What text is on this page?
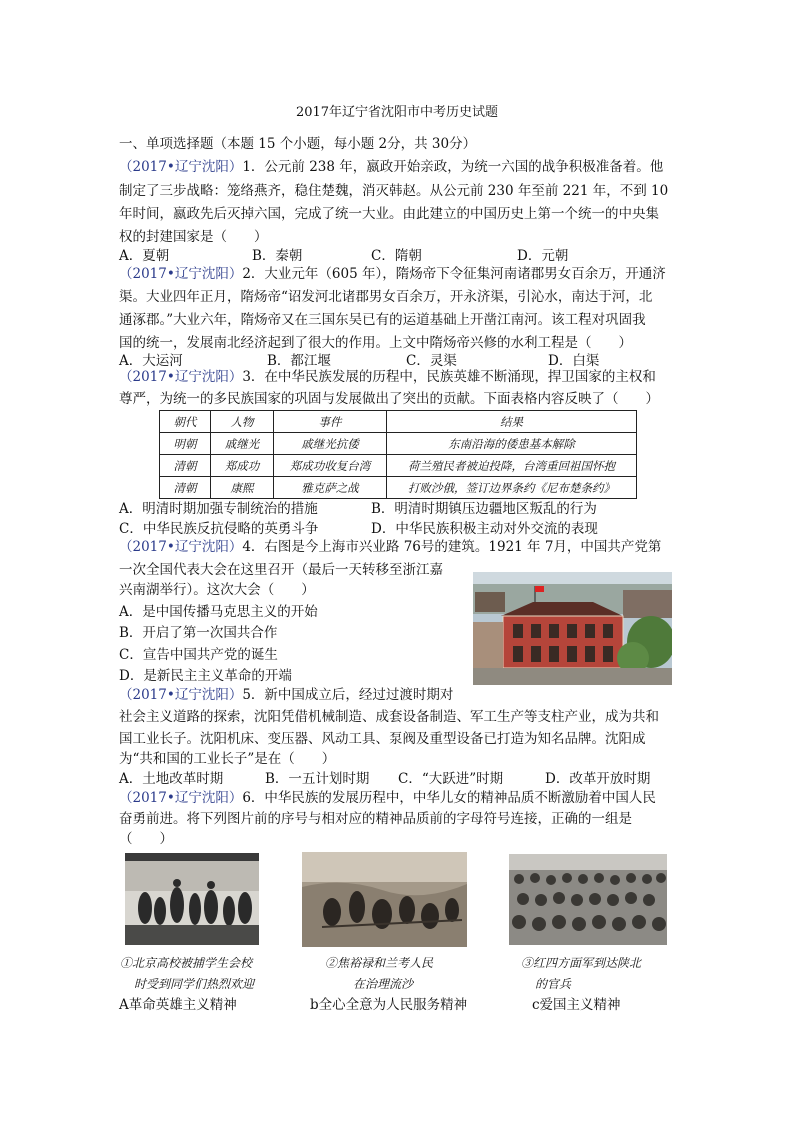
2017年辽宁省沈阳市中考历史试题
一、单项选择题（本题 15 个小题，每小题 2分，共 30分）
（2017•辽宁沈阳）1．公元前 238 年，嬴政开始亲政，为统一六国的战争积极准备着。他
制定了三步战略：笼络燕齐，稳住楚魏，消灭韩赵。从公元前 230 年至前 221 年，不到 10
年时间，嬴政先后灭掉六国，完成了统一大业。由此建立的中国历史上第一个统一的中央集
权的封建国家是（　　）
A．夏朝	B．秦朝	C．隋朝	D．元朝
（2017•辽宁沈阳）2．大业元年（605 年），隋炀帝下令征集河南诸郡男女百余万，开通济
渠。大业四年正月，隋炀帝“诏发河北诸郡男女百余万，开永济渠，引沁水，南达于河，北
通涿郡。”大业六年，隋炀帝又在三国东吴已有的运道基础上开凿江南河。该工程对巩固我
国的统一，发展南北经济起到了很大的作用。上文中隋炀帝兴修的水利工程是（　　）
A．大运河	B．都江堰	C．灵渠	D．白渠
（2017•辽宁沈阳）3．在中华民族发展的历程中，民族英雄不断涌现，捍卫国家的主权和
尊严，为统一的多民族国家的巩固与发展做出了突出的贡献。下面表格内容反映了（　　）
朝代	人物	事件	结果
明朝	戚继光	戚继光抗倭	东南沿海的倭患基本解除
清朝	郑成功	郑成功收复台湾	荷兰殖民者被迫投降，台湾重回祖国怀抱
清朝	康熙	雅克萨之战	打败沙俄，签订边界条约《尼布楚条约》
A．明清时期加强专制统治的措施	B．明清时期镇压边疆地区叛乱的行为
C．中华民族反抗侵略的英勇斗争	D．中华民族积极主动对外交流的表现
（2017•辽宁沈阳）4．右图是今上海市兴业路 76号的建筑。1921 年 7月，中国共产党第
一次全国代表大会在这里召开（最后一天转移至浙江嘉
兴南湖举行）。这次大会（　　）
A．是中国传播马克思主义的开始
B．开启了第一次国共合作
C．宣告中国共产党的诞生
D．是新民主主义革命的开端
（2017•辽宁沈阳）5．新中国成立后，经过过渡时期对
社会主义道路的探索，沈阳凭借机械制造、成套设备制造、军工生产等支柱产业，成为共和
国工业长子。沈阳机床、变压器、风动工具、泵阀及重型设备已打造为知名品牌。沈阳成
为“共和国的工业长子”是在（　　）
A．土地改革时期	B．一五计划时期 C．“大跃进”时期	D．改革开放时期
（2017•辽宁沈阳）6．中华民族的发展历程中，中华儿女的精神品质不断激励着中国人民
奋勇前进。将下列图片前的序号与相对应的精神品质前的字母符号连接，正确的一组是
（　　）
①北京高校被捕学生会校
时受到同学们热烈欢迎
②焦裕禄和兰考人民
在治理流沙
③红四方面军到达陕北
的官兵
A革命英雄主义精神	b全心全意为人民服务精神	c爱国主义精神
